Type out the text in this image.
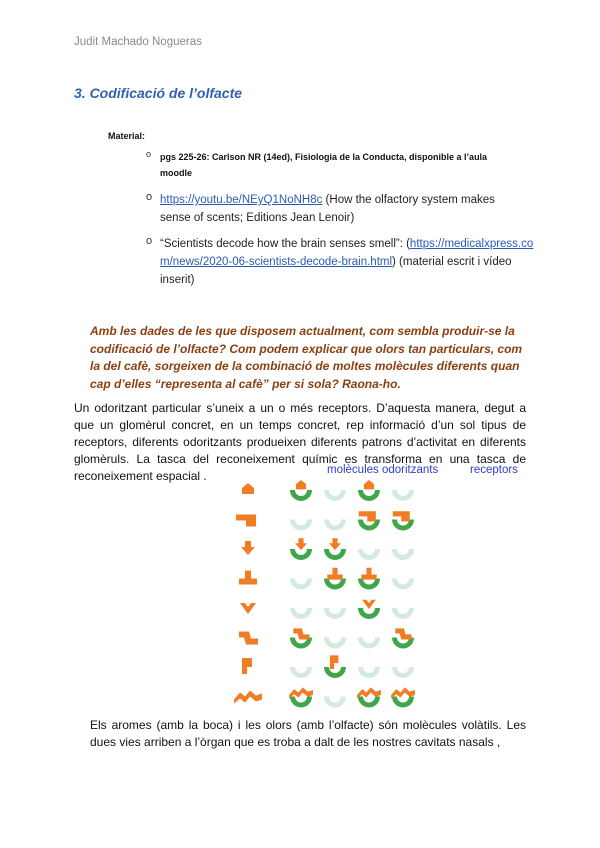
Judit Machado Nogueras
3. Codificació de l’olfacte
Material:
o pgs 225-26: Carlson NR (14ed), Fisiologia de la Conducta, disponible a l’aula moodle
o https://youtu.be/NEyQ1NoNH8c (How the olfactory system makes sense of scents; Editions Jean Lenoir)
o “Scientists decode how the brain senses smell”: (https://medicalxpress.com/news/2020-06-scientists-decode-brain.html) (material escrit i vídeo inserit)
Amb les dades de les que disposem actualment, com sembla produir-se la codificació de l’olfacte? Com podem explicar que olors tan particulars, com la del cafè, sorgeixen de la combinació de moltes molècules diferents quan cap d’elles “representa al cafè” per si sola? Raona-ho.
Un odoritzant particular s’uneix a un o més receptors. D’aquesta manera, degut a que un glomèrul concret, en un temps concret, rep informació d’un sol tipus de receptors, diferents odoritzants produeixen diferents patrons d’activitat en diferents glomèruls. La tasca del reconeixement químic es transforma en una tasca de reconeixement espacial .	molècules odoritzants	receptors
Els aromes (amb la boca) i les olors (amb l’olfacte) són molècules volàtils. Les dues vies arriben a l’òrgan que es troba a dalt de les nostres cavitats nasals ,
